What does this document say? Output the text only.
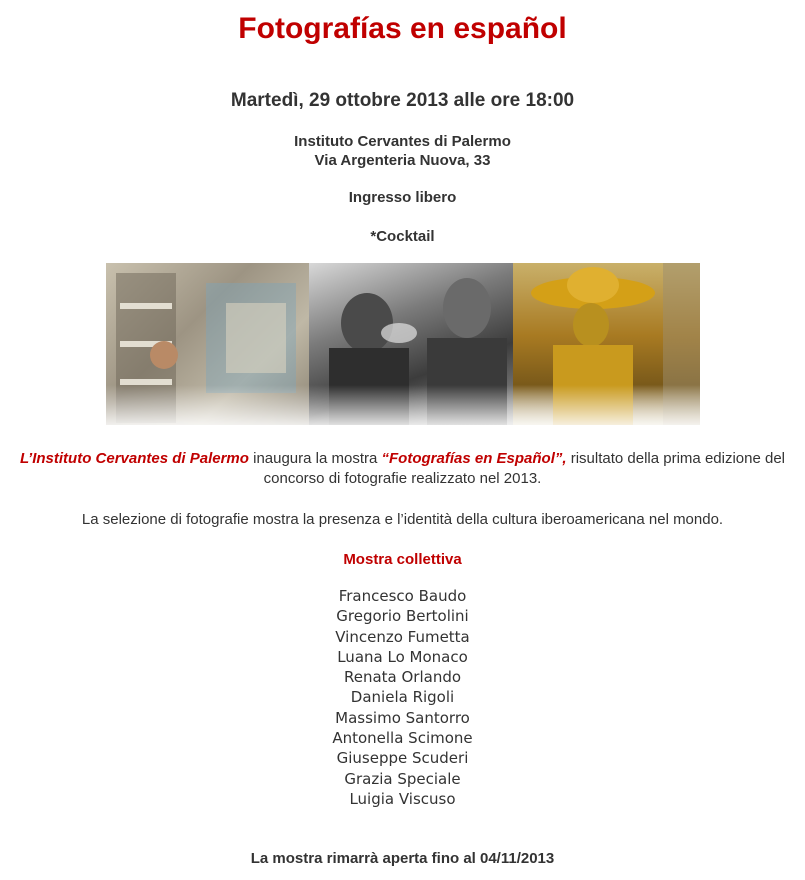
Fotografías en español
Martedì, 29 ottobre 2013 alle ore 18:00
Instituto Cervantes di Palermo
Via Argenteria Nuova, 33
Ingresso libero
*Cocktail
L’Instituto Cervantes di Palermo inaugura la mostra “Fotografías en Español”, risultato della prima edizione del concorso di fotografie realizzato nel 2013.
La selezione di fotografie mostra la presenza e l’identità della cultura iberoamericana nel mondo.
Mostra collettiva
Francesco Baudo
Gregorio Bertolini
Vincenzo Fumetta
Luana Lo Monaco
Renata Orlando
Daniela Rigoli
Massimo Santorro
Antonella Scimone
Giuseppe Scuderi
Grazia Speciale
Luigia Viscuso
La mostra rimarrà aperta fino al 04/11/2013
